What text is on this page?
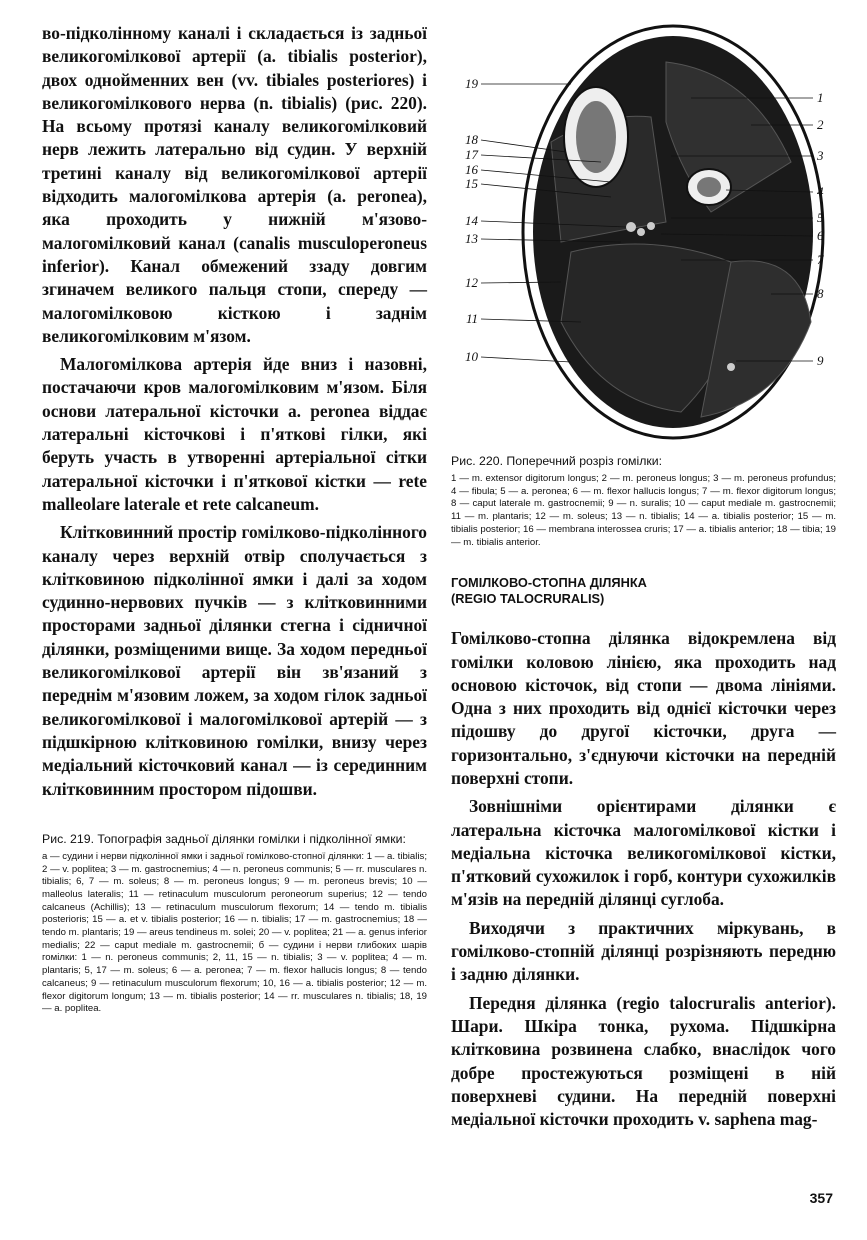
во-підколінному каналі і складається із задньої великогомілкової артерії (a. tibialis posterior), двох однойменних вен (vv. tibiales posteriores) і великогомілкового нерва (n. tibialis) (рис. 220). На всьому протязі каналу великогомілковий нерв лежить латерально від судин. У верхній третині каналу від великогомілкової артерії відходить малогомілкова артерія (a. peronea), яка проходить у нижній м'язово-малогомілковий канал (canalis musculoperoneus inferior). Канал обмежений ззаду довгим згиначем великого пальця стопи, спереду — малогомілковою кісткою і заднім великогомілковим м'язом.

Малогомілкова артерія йде вниз і назовні, постачаючи кров малогомілковим м'язом. Біля основи латеральної кісточки a. peronea віддає латеральні кісточкові і п'яткові гілки, які беруть участь в утворенні артеріальної сітки латеральної кісточки і п'яткової кістки — rete malleolare laterale et rete calcaneum.

Клітковинний простір гомілково-підколінного каналу через верхній отвір сполучається з клітковиною підколінної ямки і далі за ходом судинно-нервових пучків — з клітковинними просторами задньої ділянки стегна і сідничної ділянки, розміщеними вище. За ходом передньої великогомілкової артерії він зв'язаний з переднім м'язовим ложем, за ходом гілок задньої великогомілкової і малогомілкової артерій — з підшкірною клітковиною гомілки, внизу через медіальний кісточковий канал — із серединним клітковинним простором підошви.

Рис. 219. Топографія задньої ділянки гомілки і підколінної ямки:

a — судини і нерви підколінної ямки і задньої гомілково-стопної ділянки: 1 — a. tibialis; 2 — v. poplitea; 3 — m. gastrocnemius; 4 — n. peroneus communis; 5 — rr. musculares n. tibialis; 6, 7 — m. soleus; 8 — m. peroneus longus; 9 — m. peroneus brevis; 10 — malleolus lateralis; 11 — retinaculum musculorum peroneorum superius; 12 — tendo calcaneus (Achillis); 13 — retinaculum musculorum flexorum; 14 — tendo m. tibialis posterioris; 15 — a. et v. tibialis posterior; 16 — n. tibialis; 17 — m. gastrocnemius; 18 — tendo m. plantaris; 19 — areus tendineus m. solei; 20 — v. poplitea; 21 — a. genus inferior medialis; 22 — caput mediale m. gastrocnemii; б — судини і нерви глибоких шарів гомілки: 1 — n. peroneus communis; 2, 11, 15 — n. tibialis; 3 — v. poplitea; 4 — m. plantaris; 5, 17 — m. soleus; 6 — a. peronea; 7 — m. flexor hallucis longus; 8 — tendo calcaneus; 9 — retinaculum musculorum flexorum; 10, 16 — a. tibialis posterior; 12 — m. flexor digitorum longum; 13 — m. tibialis posterior; 14 — rr. musculares n. tibialis; 18, 19 — a. poplitea.

19
18
17
16
15
14
13
12
11
10
1
2
3
4
5
6
7
8
9

Рис. 220. Поперечний розріз гомілки:

1 — m. extensor digitorum longus; 2 — m. peroneus longus; 3 — m. peroneus profundus; 4 — fibula; 5 — a. peronea; 6 — m. flexor hallucis longus; 7 — m. flexor digitorum longus; 8 — caput laterale m. gastrocnemii; 9 — n. suralis; 10 — caput mediale m. gastrocnemii; 11 — m. plantaris; 12 — m. soleus; 13 — n. tibialis; 14 — a. tibialis posterior; 15 — m. tibialis posterior; 16 — membrana interossea cruris; 17 — a. tibialis anterior; 18 — tibia; 19 — m. tibialis anterior.

ГОМІЛКОВО-СТОПНА ДІЛЯНКА

(REGIO TALOCRURALIS)

Гомілково-стопна ділянка відокремлена від гомілки коловою лінією, яка проходить над основою кісточок, від стопи — двома лініями. Одна з них проходить від однієї кісточки через підошву до другої кісточки, друга — горизонтально, з'єднуючи кісточки на передній поверхні стопи.

Зовнішніми орієнтирами ділянки є латеральна кісточка малогомілкової кістки і медіальна кісточка великогомілкової кістки, п'ятковий сухожилок і горб, контури сухожилків м'язів на передній ділянці суглоба.

Виходячи з практичних міркувань, в гомілково-стопній ділянці розрізняють передню і задню ділянки.

Передня ділянка (regio talocruralis anterior). Шари. Шкіра тонка, рухома. Підшкірна клітковина розвинена слабко, внаслідок чого добре простежуються розміщені в ній поверхневі судини. На передній поверхні медіальної кісточки проходить v. saphena mag-

357
